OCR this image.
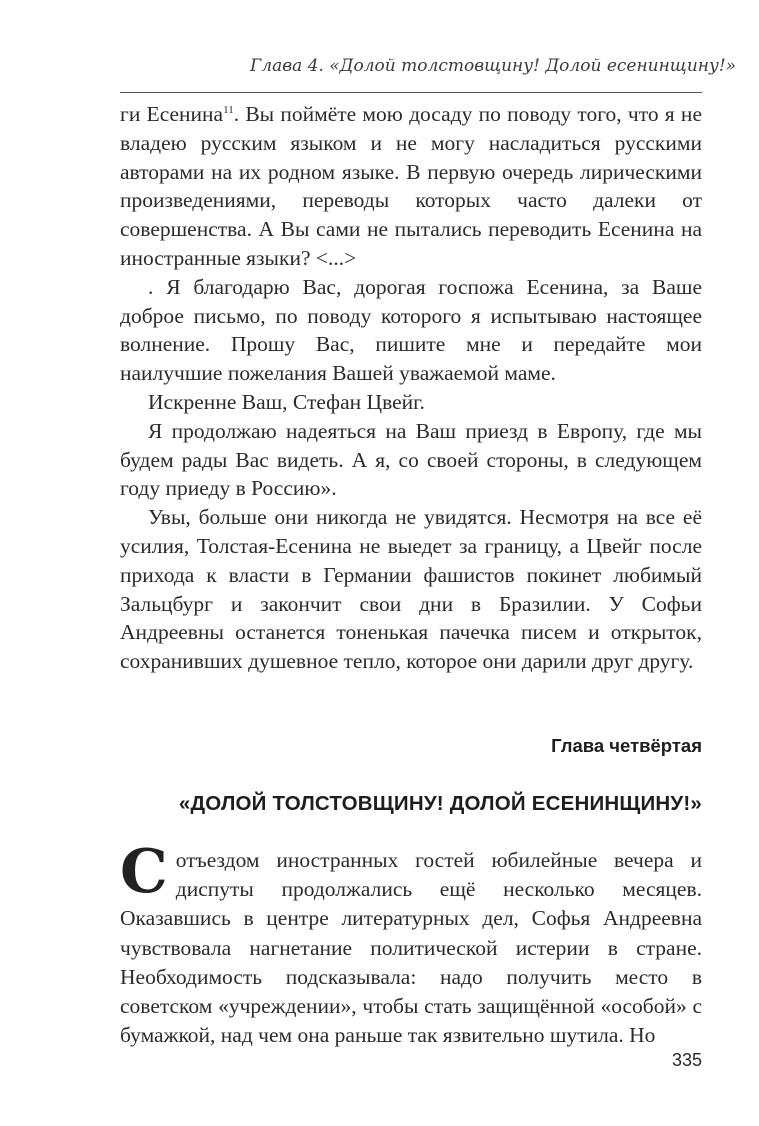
Глава 4. «Долой толстовщину! Долой есенинщину!»

ги Есенина$^{11}$. Вы поймёте мою досаду по поводу того, что я не владею русским языком и не могу насладиться русскими авторами на их родном языке. В первую очередь лирическими произведениями, переводы которых часто далеки от совершенства. А Вы сами не пытались переводить Есенина на иностранные языки? <...>

. Я благодарю Вас, дорогая госпожа Есенина, за Ваше доброе письмо, по поводу которого я испытываю настоящее волнение. Прошу Вас, пишите мне и передайте мои наилучшие пожелания Вашей уважаемой маме.

Искренне Ваш, Стефан Цвейг.

Я продолжаю надеяться на Ваш приезд в Европу, где мы будем рады Вас видеть. А я, со своей стороны, в следующем году приеду в Россию».

Увы, больше они никогда не увидятся. Несмотря на все её усилия, Толстая-Есенина не выедет за границу, а Цвейг после прихода к власти в Германии фашистов покинет любимый Зальцбург и закончит свои дни в Бразилии. У Софьи Андреевны останется тоненькая пачечка писем и открыток, сохранивших душевное тепло, которое они дарили друг другу.

Глава четвёртая
«ДОЛОЙ ТОЛСТОВЩИНУ! ДОЛОЙ ЕСЕНИНЩИНУ!»
Сотъездом иностранных гостей юбилейные вечера и диспуты продолжались ещё несколько месяцев. Оказавшись в центре литературных дел, Софья Андреевна чувствовала нагнетание политической истерии в стране. Необходимость подсказывала: надо получить место в советском «учреждении», чтобы стать защищённой «особой» с бумажкой, над чем она раньше так язвительно шутила. Но
335
